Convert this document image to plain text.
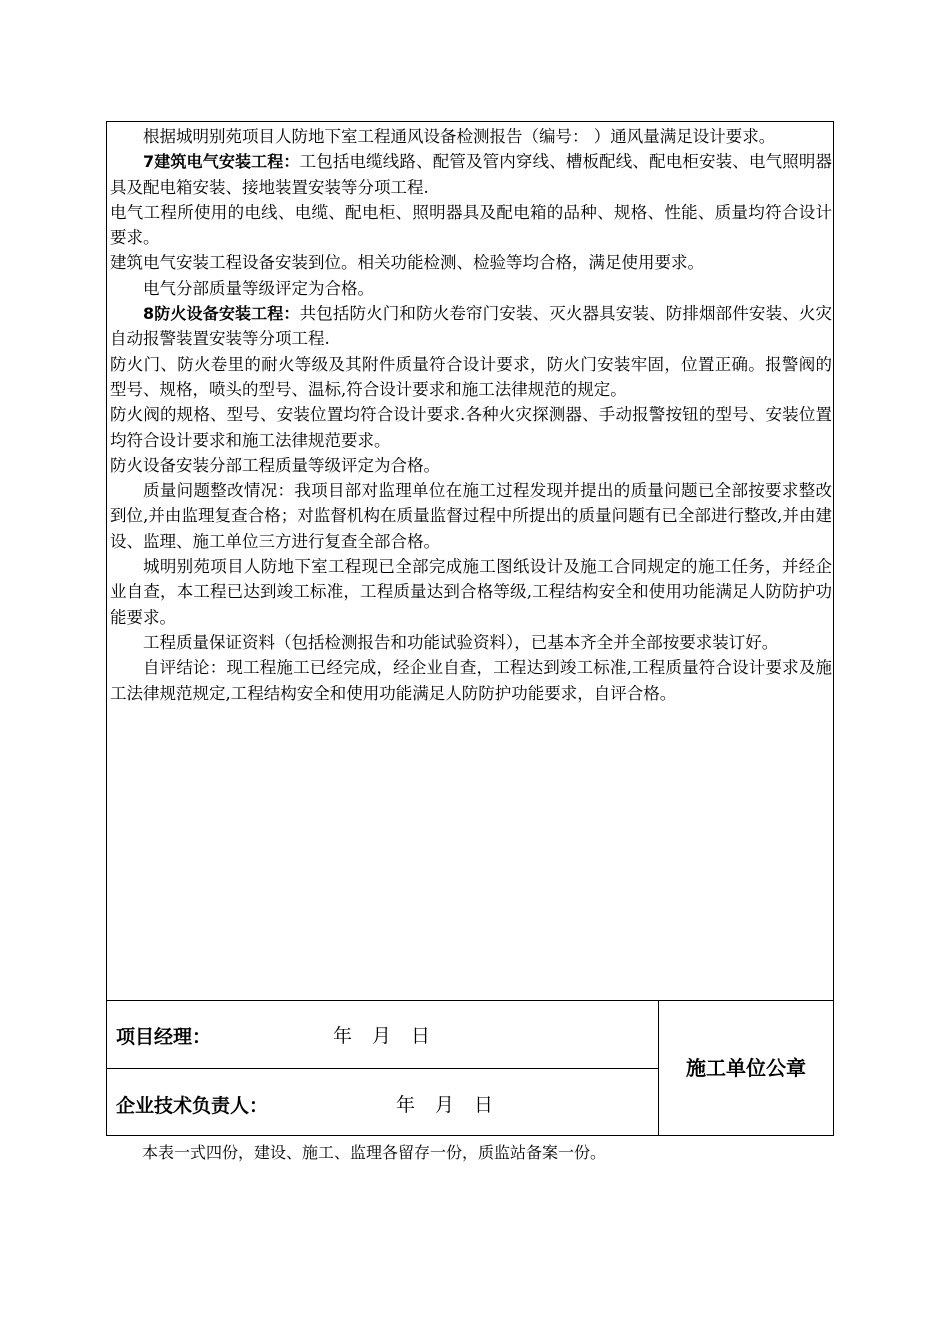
根据城明别苑项目人防地下室工程通风设备检测报告（编号： ）通风量满足设计要求。

7建筑电气安装工程：工包括电缆线路、配管及管内穿线、槽板配线、配电柜安装、电气照明器具及配电箱安装、接地装置安装等分项工程.

电气工程所使用的电线、电缆、配电柜、照明器具及配电箱的品种、规格、性能、质量均符合设计要求。

建筑电气安装工程设备安装到位。相关功能检测、检验等均合格，满足使用要求。

电气分部质量等级评定为合格。

8防火设备安装工程：共包括防火门和防火卷帘门安装、灭火器具安装、防排烟部件安装、火灾自动报警装置安装等分项工程.

防火门、防火卷里的耐火等级及其附件质量符合设计要求，防火门安装牢固，位置正确。报警阀的型号、规格，喷头的型号、温标,符合设计要求和施工法律规范的规定。

防火阀的规格、型号、安装位置均符合设计要求.各种火灾探测器、手动报警按钮的型号、安装位置均符合设计要求和施工法律规范要求。

防火设备安装分部工程质量等级评定为合格。

质量问题整改情况：我项目部对监理单位在施工过程发现并提出的质量问题已全部按要求整改到位,并由监理复查合格；对监督机构在质量监督过程中所提出的质量问题有已全部进行整改,并由建设、监理、施工单位三方进行复查全部合格。

城明别苑项目人防地下室工程现已全部完成施工图纸设计及施工合同规定的施工任务，并经企业自查，本工程已达到竣工标准，工程质量达到合格等级,工程结构安全和使用功能满足人防防护功能要求。

工程质量保证资料（包括检测报告和功能试验资料），已基本齐全并全部按要求装订好。

自评结论：现工程施工已经完成，经企业自查，工程达到竣工标准,工程质量符合设计要求及施工法律规范规定,工程结构安全和使用功能满足人防防护功能要求，自评合格。

项目经理：	年 月 日
企业技术负责人：	年 月 日
施工单位公章
本表一式四份，建设、施工、监理各留存一份，质监站备案一份。
